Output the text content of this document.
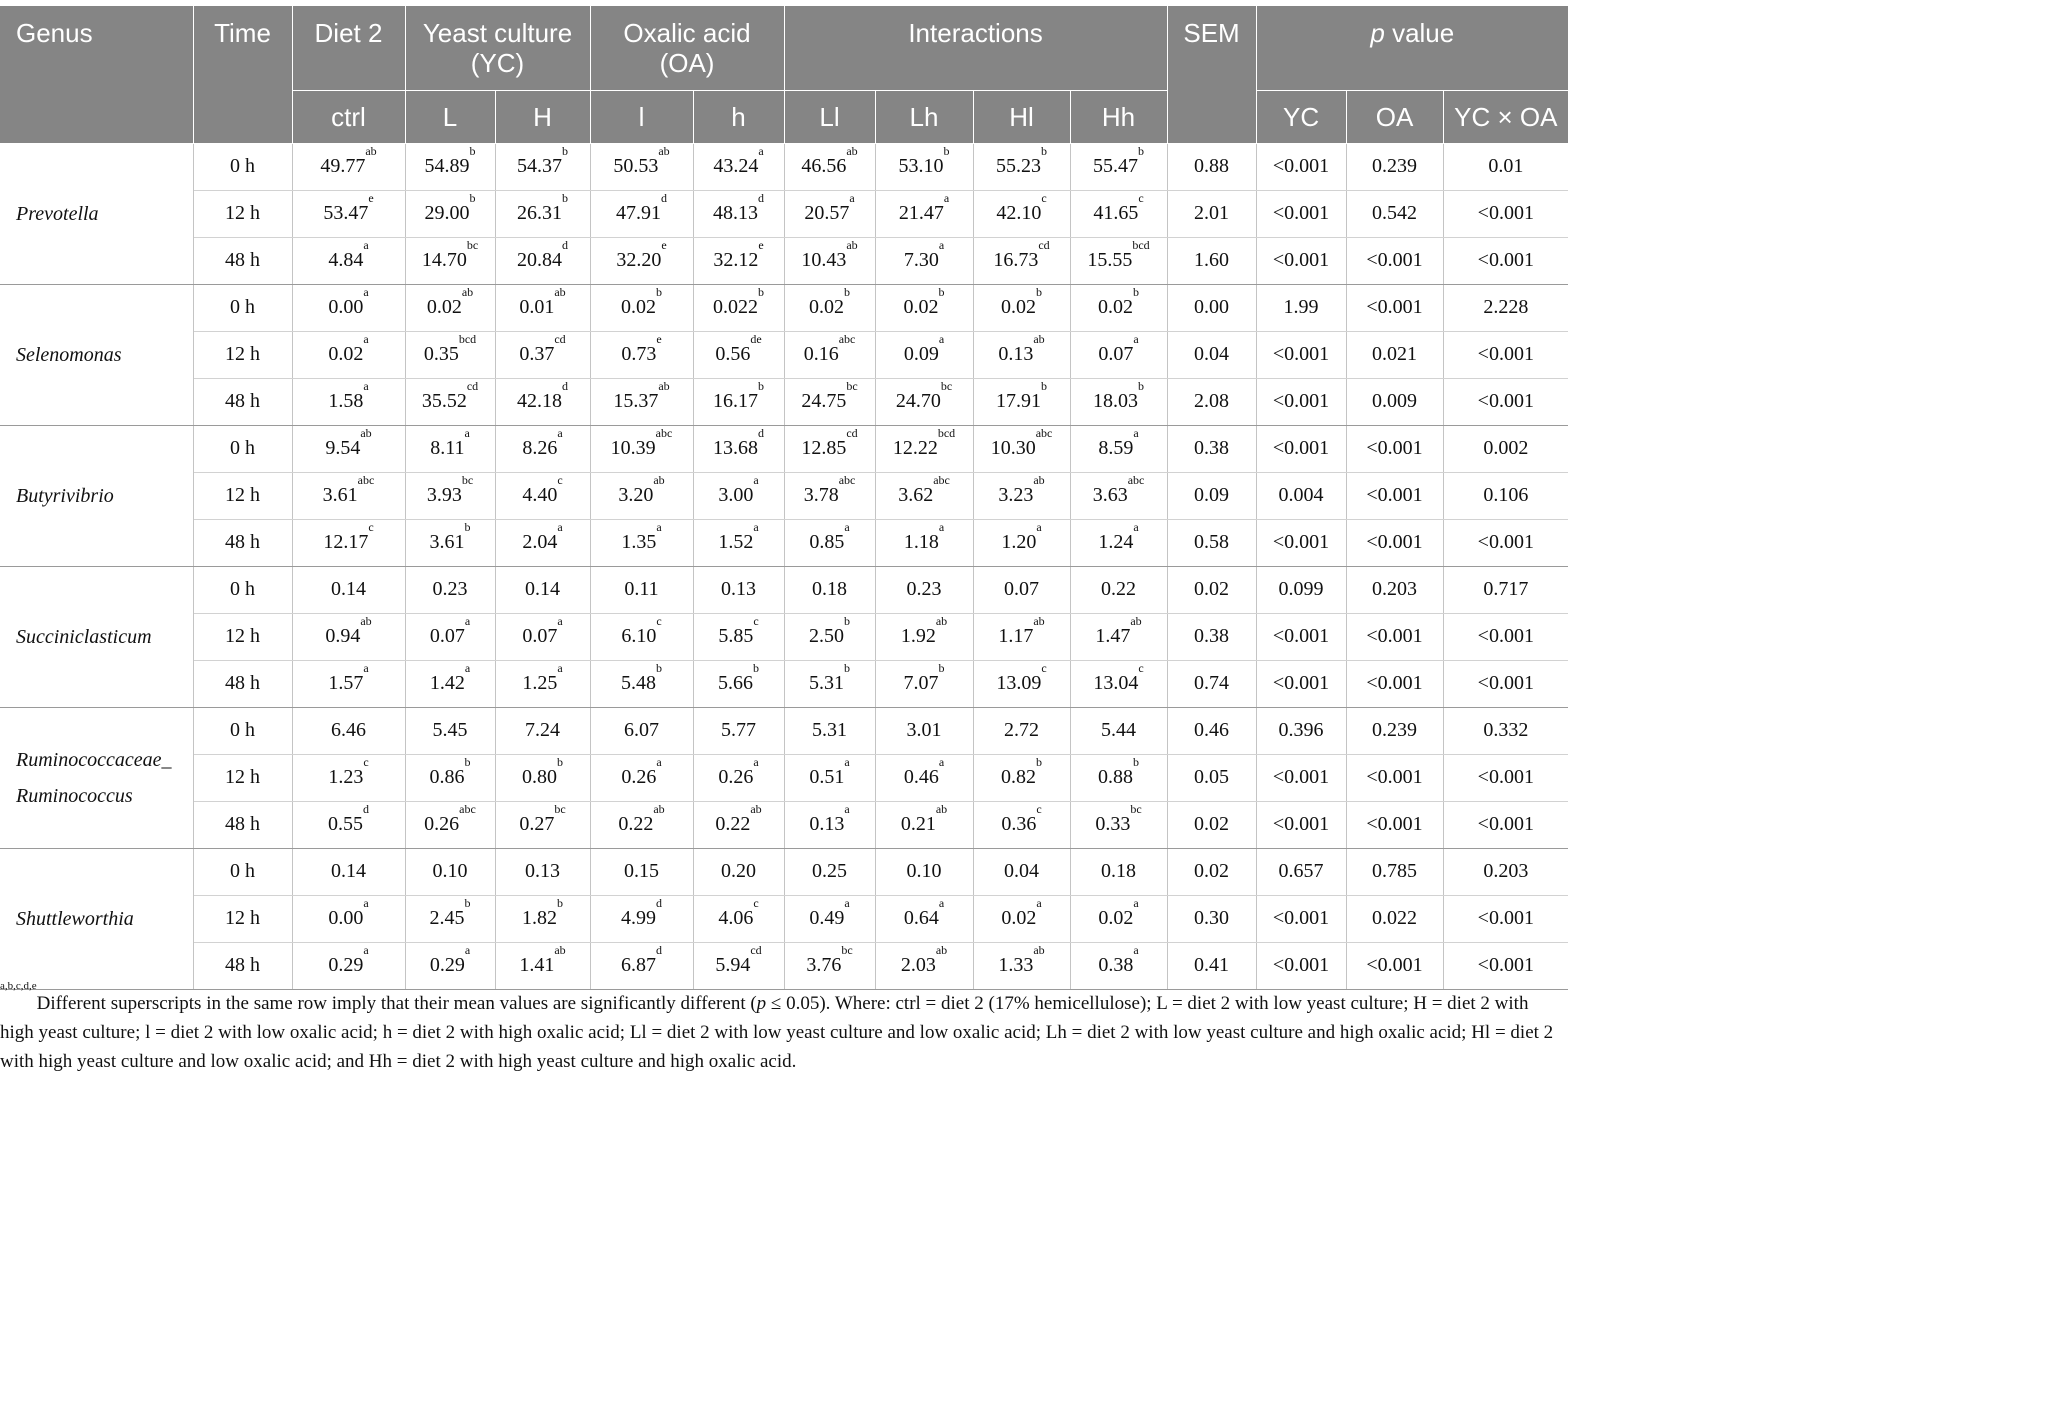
Genus	Time	Diet 2	Yeast culture (YC)		Oxalic acid (OA)		Interactions				SEM	p value		
		ctrl	L	H	l	h	Ll	Lh	Hl	Hh		YC	OA	YC × OA
Prevotella	0 h	49.77$^{ab}$	54.89$^b$	54.37$^b$	50.53$^{ab}$	43.24$^a$	46.56$^{ab}$	53.10$^b$	55.23$^b$	55.47$^b$	0.88	<0.001	0.239	0.01
	12 h	53.47e	29.00$^b$	26.31$^b$	47.91$^d$	48.13$^d$	20.57$^a$	21.47$^a$	42.10$^c$	41.65$^c$	2.01	<0.001	0.542	<0.001
	48 h	4.84$^a$	14.70$^{bc}$	20.84$^d$	32.20e	32.12e	10.43$^{ab}$	7.30$^a$	16.73$^{cd}$	15.55$^{bcd}$	1.60	<0.001	<0.001	<0.001
Selenomonas	0 h	0.00$^a$	0.02$^{ab}$	0.01$^{ab}$	0.02$^b$	0.022$^b$	0.02$^b$	0.02$^b$	0.02$^b$	0.02$^b$	0.00	1.99	<0.001	2.228
	12 h	0.02$^a$	0.35$^{bcd}$	0.37$^{cd}$	0.73e	0.56de	0.16$^{abc}$	0.09$^a$	0.13$^{ab}$	0.07$^a$	0.04	<0.001	0.021	<0.001
	48 h	1.58$^a$	35.52$^{cd}$	42.18$^d$	15.37$^{ab}$	16.17$^b$	24.75$^{bc}$	24.70$^{bc}$	17.91$^b$	18.03$^b$	2.08	<0.001	0.009	<0.001
Butyrivibrio	0 h	9.54$^{ab}$	8.11$^a$	8.26$^a$	10.39$^{abc}$	13.68$^d$	12.85$^{cd}$	12.22$^{bcd}$	10.30$^{abc}$	8.59$^a$	0.38	<0.001	<0.001	0.002
	12 h	3.61$^{abc}$	3.93$^{bc}$	4.40$^c$	3.20$^{ab}$	3.00$^a$	3.78$^{abc}$	3.62$^{abc}$	3.23$^{ab}$	3.63$^{abc}$	0.09	0.004	<0.001	0.106
	48 h	12.17$^c$	3.61$^b$	2.04$^a$	1.35$^a$	1.52$^a$	0.85$^a$	1.18$^a$	1.20$^a$	1.24$^a$	0.58	<0.001	<0.001	<0.001
Succiniclasticum	0 h	0.14	0.23	0.14	0.11	0.13	0.18	0.23	0.07	0.22	0.02	0.099	0.203	0.717
	12 h	0.94$^{ab}$	0.07$^a$	0.07$^a$	6.10$^c$	5.85$^c$	2.50$^b$	1.92$^{ab}$	1.17$^{ab}$	1.47$^{ab}$	0.38	<0.001	<0.001	<0.001
	48 h	1.57$^a$	1.42$^a$	1.25$^a$	5.48$^b$	5.66$^b$	5.31$^b$	7.07$^b$	13.09$^c$	13.04$^c$	0.74	<0.001	<0.001	<0.001
Ruminococcaceae_ Ruminococcus	0 h	6.46	5.45	7.24	6.07	5.77	5.31	3.01	2.72	5.44	0.46	0.396	0.239	0.332
	12 h	1.23$^c$	0.86$^b$	0.80$^b$	0.26$^a$	0.26$^a$	0.51$^a$	0.46$^a$	0.82$^b$	0.88$^b$	0.05	<0.001	<0.001	<0.001
	48 h	0.55$^d$	0.26$^{abc}$	0.27$^{bc}$	0.22$^{ab}$	0.22$^{ab}$	0.13$^a$	0.21$^{ab}$	0.36$^c$	0.33$^{bc}$	0.02	<0.001	<0.001	<0.001
Shuttleworthia	0 h	0.14	0.10	0.13	0.15	0.20	0.25	0.10	0.04	0.18	0.02	0.657	0.785	0.203
	12 h	0.00$^a$	2.45$^b$	1.82$^b$	4.99$^d$	4.06$^c$	0.49$^a$	0.64$^a$	0.02$^a$	0.02$^a$	0.30	<0.001	0.022	<0.001
	48 h	0.29$^a$	0.29$^a$	1.41$^{ab}$	6.87$^d$	5.94$^{cd}$	3.76$^{bc}$	2.03$^{ab}$	1.33$^{ab}$	0.38$^a$	0.41	<0.001	<0.001	<0.001
$^{a,b,c,d,e}$Different superscripts in the same row imply that their mean values are significantly different (p ≤ 0.05). Where: ctrl = diet 2 (17% hemicellulose); L = diet 2 with low yeast culture; H = diet 2 with high yeast culture; l = diet 2 with low oxalic acid; h = diet 2 with high oxalic acid; Ll = diet 2 with low yeast culture and low oxalic acid; Lh = diet 2 with low yeast culture and high oxalic acid; Hl = diet 2 with high yeast culture and low oxalic acid; and Hh = diet 2 with high yeast culture and high oxalic acid.
